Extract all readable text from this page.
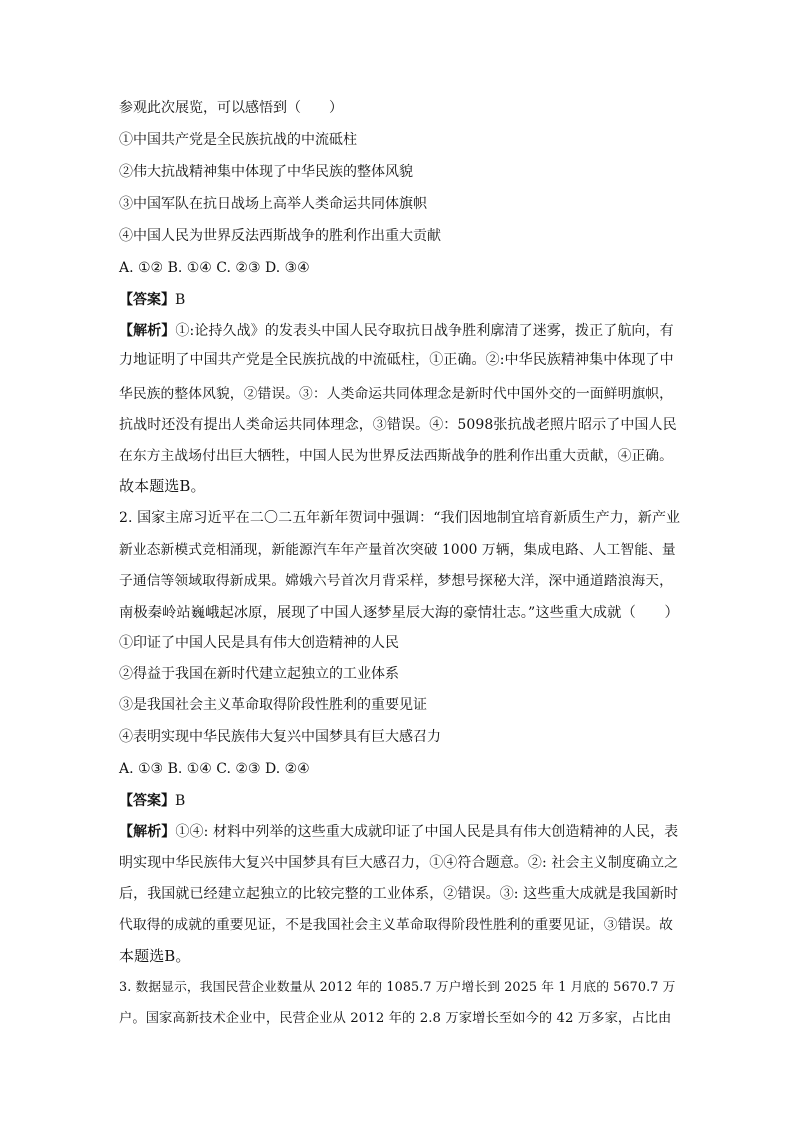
参观此次展览，可以感悟到（　　）
①中国共产党是全民族抗战的中流砥柱
②伟大抗战精神集中体现了中华民族的整体风貌
③中国军队在抗日战场上高举人类命运共同体旗帜
④中国人民为世界反法西斯战争的胜利作出重大贡献
A. ①② B. ①④ C. ②③ D. ③④
【答案】B
【解析】①:论持久战》的发表头中国人民夺取抗日战争胜利廓清了迷雾，拨正了航向，有
力地证明了中国共产党是全民族抗战的中流砥柱，①正确。②:中华民族精神集中体现了中
华民族的整体风貌，②错误。③：人类命运共同体理念是新时代中国外交的一面鲜明旗帜，
抗战时还没有提出人类命运共同体理念，③错误。④：5098张抗战老照片昭示了中国人民
在东方主战场付出巨大牺牲，中国人民为世界反法西斯战争的胜利作出重大贡献，④正确。
故本题选B。
2. 国家主席习近平在二〇二五年新年贺词中强调：“我们因地制宜培育新质生产力，新产业
新业态新模式竞相涌现，新能源汽车年产量首次突破 1000 万辆，集成电路、人工智能、量
子通信等领域取得新成果。嫦娥六号首次月背采样，梦想号探秘大洋，深中通道踏浪海天，
南极秦岭站巍峨起冰原，展现了中国人逐梦星辰大海的豪情壮志。”这些重大成就（　　）
①印证了中国人民是具有伟大创造精神的人民
②得益于我国在新时代建立起独立的工业体系
③是我国社会主义革命取得阶段性胜利的重要见证
④表明实现中华民族伟大复兴中国梦具有巨大感召力
A. ①③ B. ①④ C. ②③ D. ②④
【答案】B
【解析】①④: 材料中列举的这些重大成就印证了中国人民是具有伟大创造精神的人民，表
明实现中华民族伟大复兴中国梦具有巨大感召力，①④符合题意。②: 社会主义制度确立之
后，我国就已经建立起独立的比较完整的工业体系，②错误。③: 这些重大成就是我国新时
代取得的成就的重要见证，不是我国社会主义革命取得阶段性胜利的重要见证，③错误。故
本题选B。
3. 数据显示，我国民营企业数量从 2012 年的 1085.7 万户增长到 2025 年 1 月底的 5670.7 万
户。国家高新技术企业中，民营企业从 2012 年的 2.8 万家增长至如今的 42 万多家，占比由
